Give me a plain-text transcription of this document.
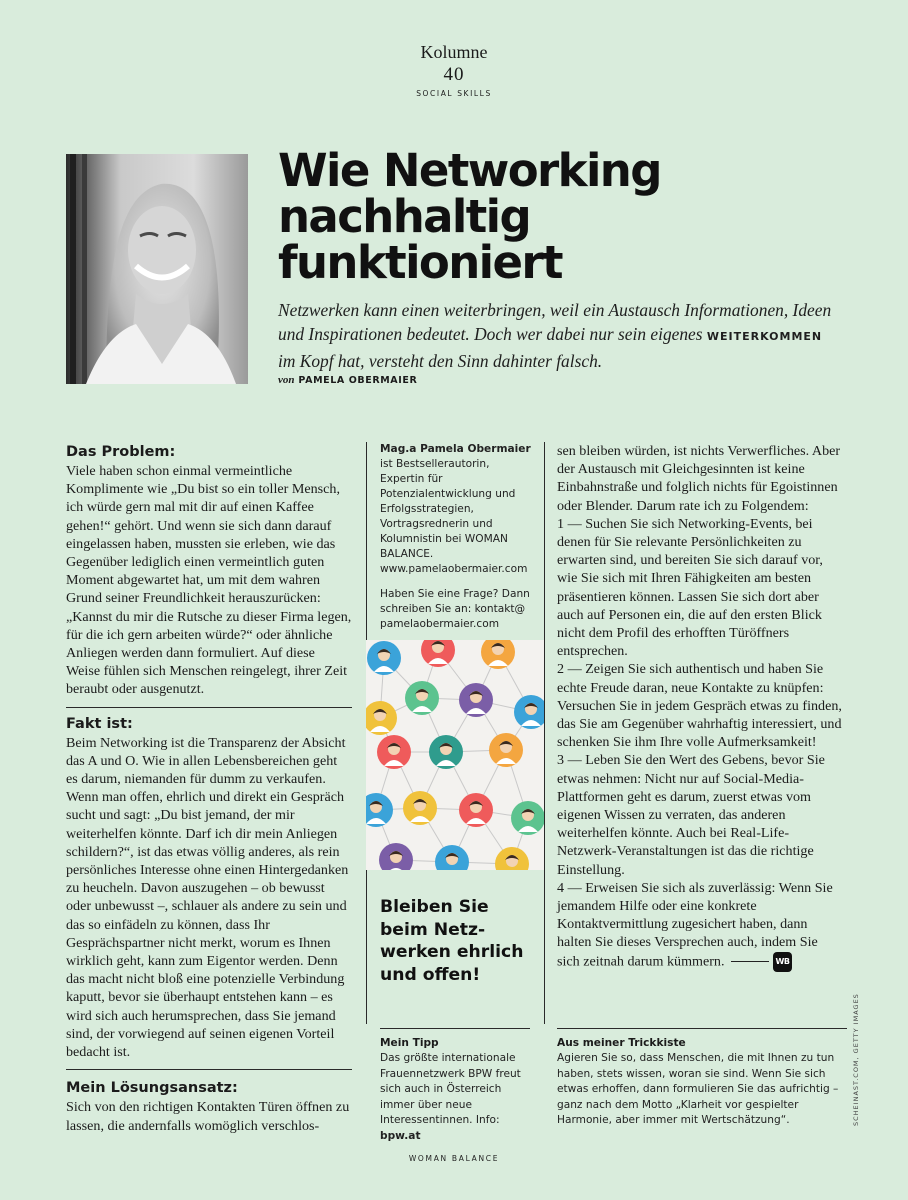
Kolumne
40
SOCIAL SKILLS
Wie Networking
nachhaltig
funktioniert
Netzwerken kann einen weiterbringen, weil ein Austausch Informationen, Ideen und Inspirationen bedeutet. Doch wer dabei nur sein eigenes WEITERKOMMEN im Kopf hat, versteht den Sinn dahinter falsch.
von PAMELA OBERMAIER
Das Problem:

Viele haben schon einmal vermeintliche Komplimente wie „Du bist so ein toller Mensch, ich würde gern mal mit dir auf einen Kaffee gehen!“ gehört. Und wenn sie sich dann darauf eingelassen haben, mussten sie erleben, wie das Gegenüber lediglich einen vermeintlich guten Moment abgewartet hat, um mit dem wahren Grund seiner Freundlichkeit herauszurücken: „Kannst du mir die Rutsche zu dieser Firma legen, für die ich gern arbeiten würde?“ oder ähnliche Anliegen werden dann formuliert. Auf diese Weise fühlen sich Menschen reingelegt, ihrer Zeit beraubt oder ausgenutzt.

Fakt ist:

Beim Networking ist die Transparenz der Absicht das A und O. Wie in allen Lebensbereichen geht es darum, niemanden für dumm zu verkaufen. Wenn man offen, ehrlich und direkt ein Gespräch sucht und sagt: „Du bist jemand, der mir weiterhelfen könnte. Darf ich dir mein Anliegen schildern?“, ist das etwas völlig anderes, als rein persönliches Interesse ohne einen Hintergedanken zu heucheln. Davon auszugehen – ob bewusst oder unbewusst –, schlauer als andere zu sein und das so einfädeln zu können, dass Ihr Gesprächspartner nicht merkt, worum es Ihnen wirklich geht, kann zum Eigentor werden. Denn das macht nicht bloß eine potenzielle Verbindung kaputt, bevor sie überhaupt entstehen kann – es wird sich auch herumsprechen, dass Sie jemand sind, der vorwiegend auf seinen eigenen Vorteil bedacht ist.

Mein Lösungsansatz:

Sich von den richtigen Kontakten Türen öffnen zu lassen, die andernfalls womöglich verschlos-

Mag.a Pamela Obermaier
ist Bestsellerautorin, Expertin für Potenzialentwicklung und Erfolgsstrategien, Vortragsrednerin und Kolumnistin bei WOMAN BALANCE.
www.pamelaobermaier.com
Haben Sie eine Frage? Dann schreiben Sie an: kontakt@ pamelaobermaier.com
Bleiben Sie beim Netzwerken ehrlich und offen!

sen bleiben würden, ist nichts Verwerfliches. Aber der Austausch mit Gleichgesinnten ist keine Einbahnstraße und folglich nichts für Egoistinnen oder Blender. Darum rate ich zu Folgendem:

1 — Suchen Sie sich Networking-Events, bei denen für Sie relevante Persönlichkeiten zu erwarten sind, und bereiten Sie sich darauf vor, wie Sie sich mit Ihren Fähigkeiten am besten präsentieren können. Lassen Sie sich dort aber auch auf Personen ein, die auf den ersten Blick nicht dem Profil des erhofften Türöffners entsprechen.

2 — Zeigen Sie sich authentisch und haben Sie echte Freude daran, neue Kontakte zu knüpfen: Versuchen Sie in jedem Gespräch etwas zu finden, das Sie am Gegenüber wahrhaftig interessiert, und schenken Sie ihm Ihre volle Aufmerksamkeit!

3 — Leben Sie den Wert des Gebens, bevor Sie etwas nehmen: Nicht nur auf Social-Media-Plattformen geht es darum, zuerst etwas vom eigenen Wissen zu verraten, das anderen weiterhelfen könnte. Auch bei Real-Life-Netzwerk-Veranstaltungen ist das die richtige Einstellung.

4 — Erweisen Sie sich als zuverlässig: Wenn Sie jemandem Hilfe oder eine konkrete Kontaktvermittlung zugesichert haben, dann halten Sie dieses Versprechen auch, indem Sie sich zeitnah darum kümmern.	WB

Mein Tipp
Das größte internationale Frauennetzwerk BPW freut sich auch in Österreich immer über neue Interessentinnen. Info: bpw.at
Aus meiner Trickkiste
Agieren Sie so, dass Menschen, die mit Ihnen zu tun haben, stets wissen, woran sie sind. Wenn Sie sich etwas erhoffen, dann formulieren Sie das aufrichtig – ganz nach dem Motto „Klarheit vor gespielter Harmonie, aber immer mit Wertschätzung“.
WOMAN BALANCE
SCHEINAST.COM, GETTY IMAGES
